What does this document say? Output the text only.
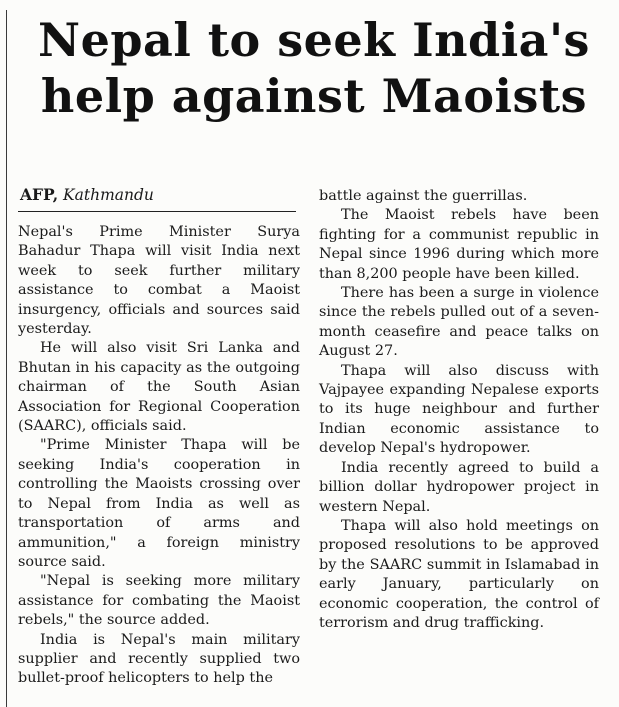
Nepal to seek India's
help against Maoists
AFP, Kathmandu

Nepal's Prime Minister Surya Bahadur Thapa will visit India next week to seek further military assistance to combat a Maoist insurgency, officials and sources said yesterday.

He will also visit Sri Lanka and Bhutan in his capacity as the outgoing chairman of the South Asian Association for Regional Cooperation (SAARC), officials said.

"Prime Minister Thapa will be seeking India's cooperation in controlling the Maoists crossing over to Nepal from India as well as transportation of arms and ammunition," a foreign ministry source said.

"Nepal is seeking more military assistance for combating the Maoist rebels," the source added.

India is Nepal's main military supplier and recently supplied two bullet-proof helicopters to help the

battle against the guerrillas.

The Maoist rebels have been fighting for a communist republic in Nepal since 1996 during which more than 8,200 people have been killed.

There has been a surge in violence since the rebels pulled out of a seven-month ceasefire and peace talks on August 27.

Thapa will also discuss with Vajpayee expanding Nepalese exports to its huge neighbour and further Indian economic assistance to develop Nepal's hydropower.

India recently agreed to build a billion dollar hydropower project in western Nepal.

Thapa will also hold meetings on proposed resolutions to be approved by the SAARC summit in Islamabad in early January, particularly on economic cooperation, the control of terrorism and drug trafficking.
